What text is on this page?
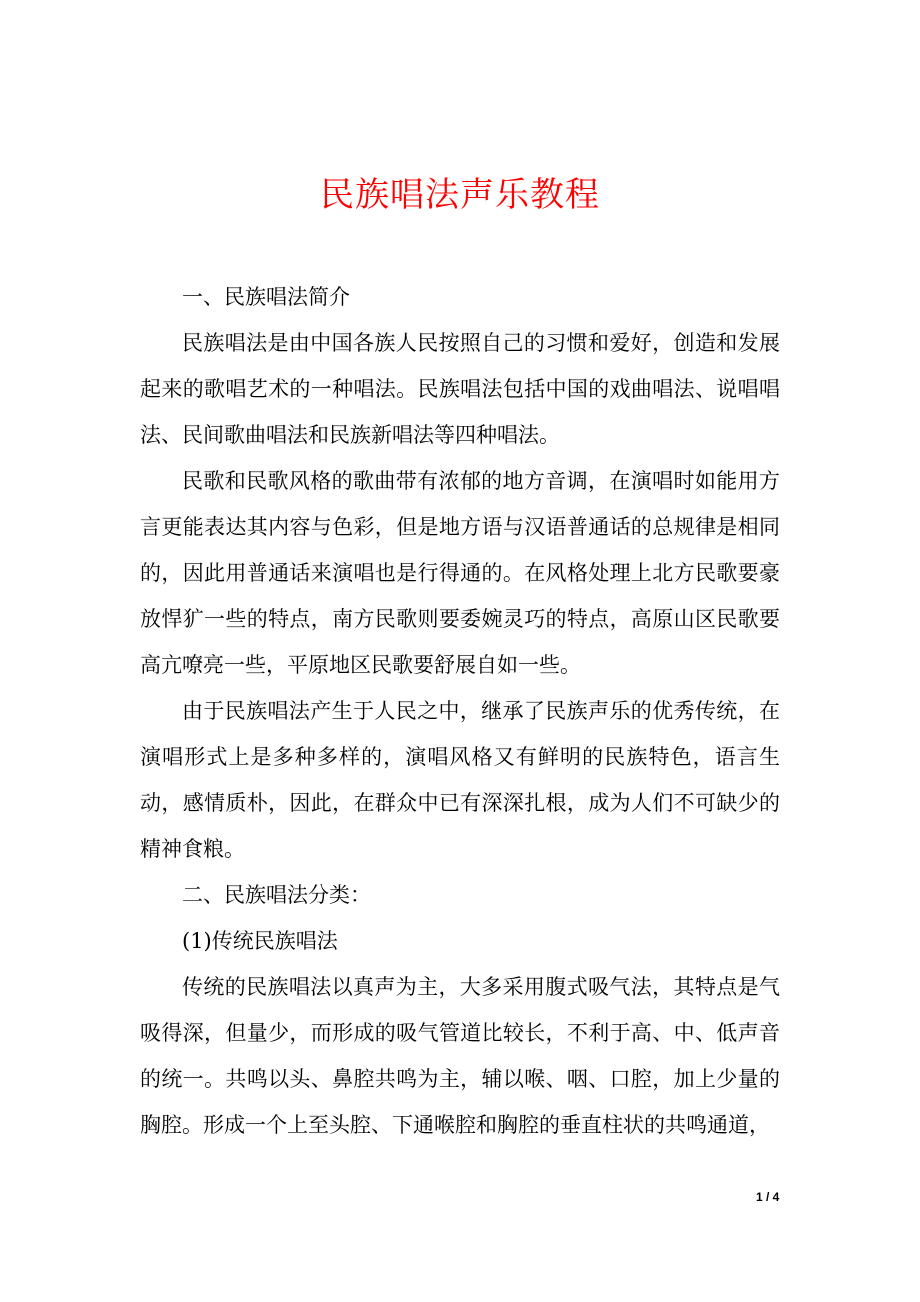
民族唱法声乐教程

一、民族唱法简介

民族唱法是由中国各族人民按照自己的习惯和爱好，创造和发展起来的歌唱艺术的一种唱法。民族唱法包括中国的戏曲唱法、说唱唱法、民间歌曲唱法和民族新唱法等四种唱法。

民歌和民歌风格的歌曲带有浓郁的地方音调，在演唱时如能用方言更能表达其内容与色彩，但是地方语与汉语普通话的总规律是相同的，因此用普通话来演唱也是行得通的。在风格处理上北方民歌要豪放悍犷一些的特点，南方民歌则要委婉灵巧的特点，高原山区民歌要高亢嘹亮一些，平原地区民歌要舒展自如一些。

由于民族唱法产生于人民之中，继承了民族声乐的优秀传统，在演唱形式上是多种多样的，演唱风格又有鲜明的民族特色，语言生动，感情质朴，因此，在群众中已有深深扎根，成为人们不可缺少的精神食粮。

二、民族唱法分类：

(1)传统民族唱法

传统的民族唱法以真声为主，大多采用腹式吸气法，其特点是气吸得深，但量少，而形成的吸气管道比较长，不利于高、中、低声音的统一。共鸣以头、鼻腔共鸣为主，辅以喉、咽、口腔，加上少量的胸腔。形成一个上至头腔、下通喉腔和胸腔的垂直柱状的共鸣通道，

1 / 4
